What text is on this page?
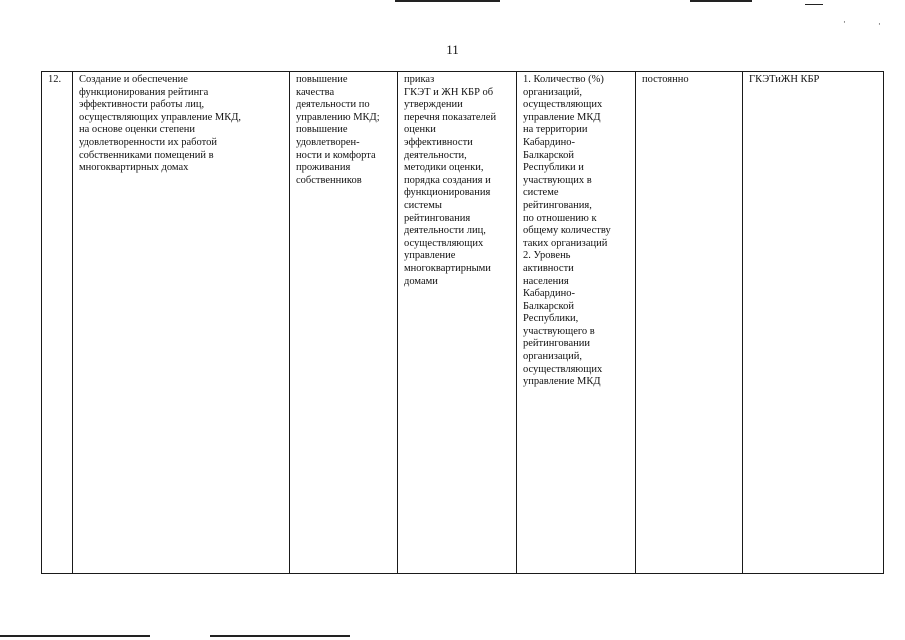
·	·
11
12.	Создание и обеспечение
функционирования рейтинга
эффективности работы лиц,
осуществляющих управление МКД,
на основе оценки степени
удовлетворенности их работой
собственниками помещений в
многоквартирных домах	повышение
качества
деятельности по
управлению МКД;
повышение
удовлетворен-
ности и комфорта
проживания
собственников	приказ
ГКЭТ и ЖН КБР об
утверждении
перечня показателей
оценки
эффективности
деятельности,
методики оценки,
порядка создания и
функционирования
системы
рейтингования
деятельности лиц,
осуществляющих
управление
многоквартирными
домами	1. Количество (%)
организаций,
осуществляющих
управление МКД
на территории
Кабардино-
Балкарской
Республики и
участвующих в
системе
рейтингования,
по отношению к
общему количеству
таких организаций
2. Уровень
активности
населения
Кабардино-
Балкарской
Республики,
участвующего в
рейтинговании
организаций,
осуществляющих
управление МКД	постоянно	ГКЭТиЖН КБР
